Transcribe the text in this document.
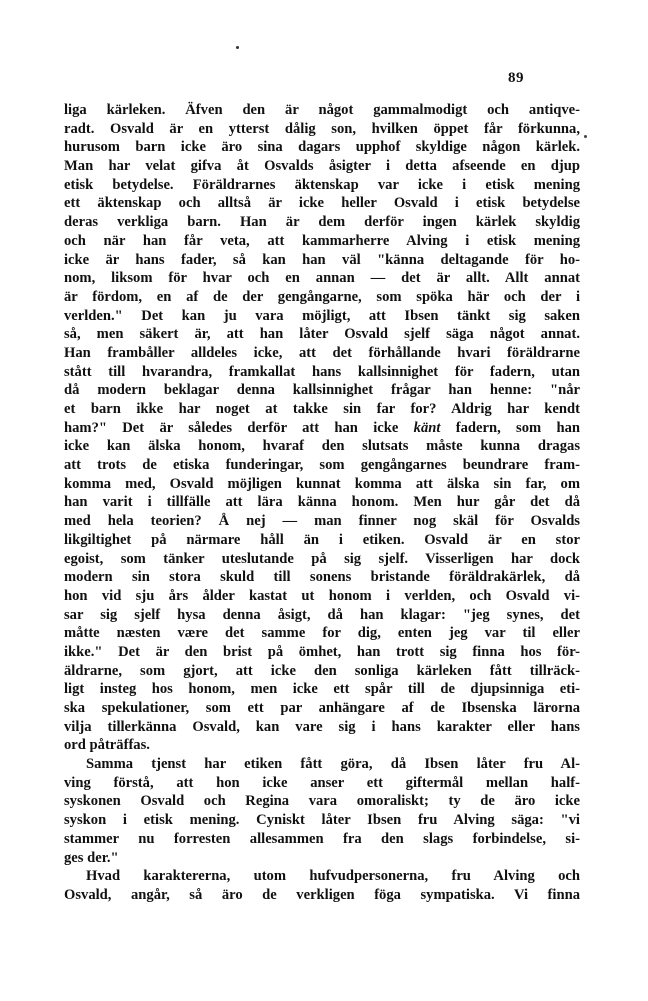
89
liga kärleken. Äfven den är något gammalmodigt och antiqve-
radt. Osvald är en ytterst dålig son, hvilken öppet får förkunna,
hurusom barn icke äro sina dagars upphof skyldige någon kärlek.
Man har velat gifva åt Osvalds åsigter i detta afseende en djup
etisk betydelse. Föräldrarnes äktenskap var icke i etisk mening
ett äktenskap och alltså är icke heller Osvald i etisk betydelse
deras verkliga barn. Han är dem derför ingen kärlek skyldig
och när han får veta, att kammarherre Alving i etisk mening
icke är hans fader, så kan han väl "känna deltagande för ho-
nom, liksom för hvar och en annan — det är allt. Allt annat
är fördom, en af de der gengångarne, som spöka här och der i
verlden." Det kan ju vara möjligt, att Ibsen tänkt sig saken
så, men säkert är, att han låter Osvald sjelf säga något annat.
Han frambåller alldeles icke, att det förhållande hvari föräldrarne
stått till hvarandra, framkallat hans kallsinnighet för fadern, utan
då modern beklagar denna kallsinnighet frågar han henne: "når
et barn ikke har noget at takke sin far for? Aldrig har kendt
ham?" Det är således derför att han icke känt fadern, som han
icke kan älska honom, hvaraf den slutsats måste kunna dragas
att trots de etiska funderingar, som gengångarnes beundrare fram-
komma med, Osvald möjligen kunnat komma att älska sin far, om
han varit i tillfälle att lära känna honom. Men hur går det då
med hela teorien? Å nej — man finner nog skäl för Osvalds
likgiltighet på närmare håll än i etiken. Osvald är en stor
egoist, som tänker uteslutande på sig sjelf. Visserligen har dock
modern sin stora skuld till sonens bristande föräldrakärlek, då
hon vid sju års ålder kastat ut honom i verlden, och Osvald vi-
sar sig sjelf hysa denna åsigt, då han klagar: "jeg synes, det
måtte næsten være det samme for dig, enten jeg var til eller
ikke." Det är den brist på ömhet, han trott sig finna hos för-
äldrarne, som gjort, att icke den sonliga kärleken fått tillräck-
ligt insteg hos honom, men icke ett spår till de djupsinniga eti-
ska spekulationer, som ett par anhängare af de Ibsenska lärorna
vilja tillerkänna Osvald, kan vare sig i hans karakter eller hans
ord påträffas.
Samma tjenst har etiken fått göra, då Ibsen låter fru Al-
ving förstå, att hon icke anser ett giftermål mellan half-
syskonen Osvald och Regina vara omoraliskt; ty de äro icke
syskon i etisk mening. Cyniskt låter Ibsen fru Alving säga: "vi
stammer nu forresten allesammen fra den slags forbindelse, si-
ges der."
Hvad karaktererna, utom hufvudpersonerna, fru Alving och
Osvald, angår, så äro de verkligen föga sympatiska. Vi finna
